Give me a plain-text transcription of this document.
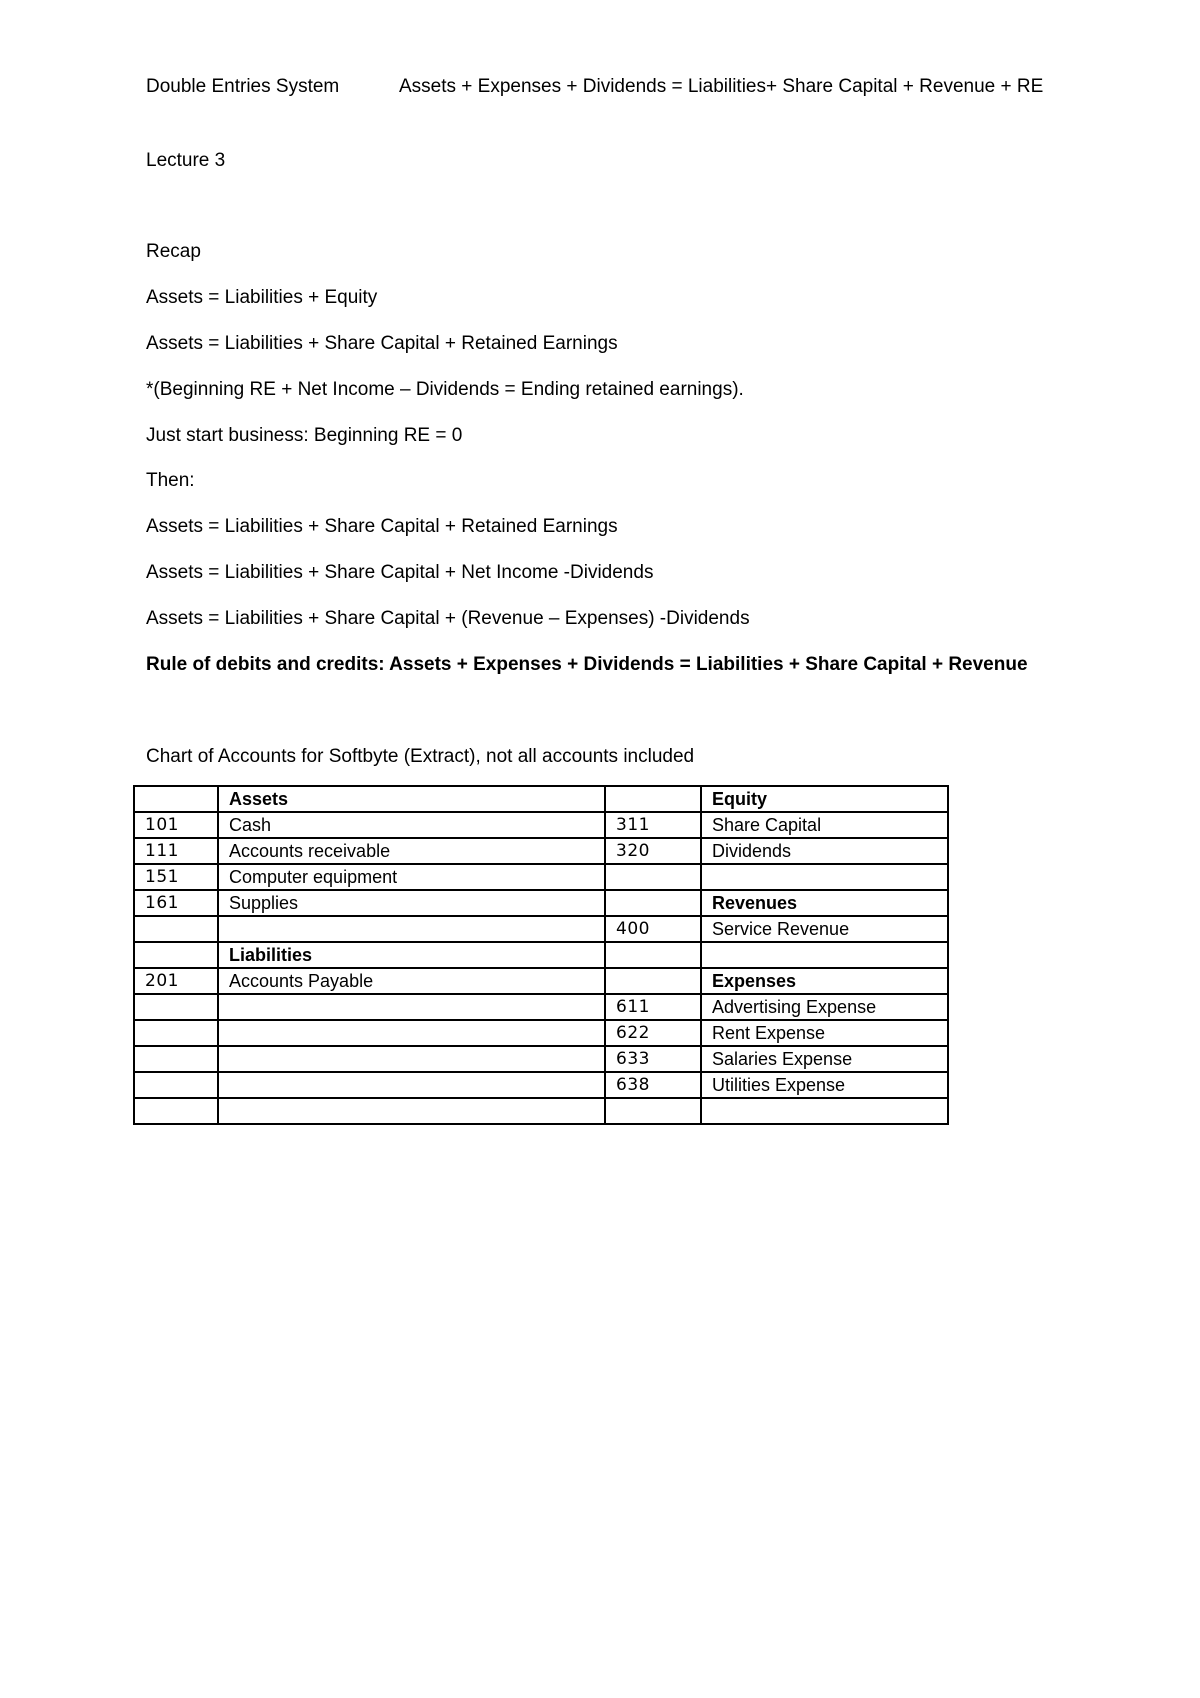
Double Entries System	Assets + Expenses + Dividends = Liabilities+ Share Capital + Revenue + RE
Lecture 3
Recap
Assets = Liabilities + Equity
Assets = Liabilities + Share Capital + Retained Earnings
*(Beginning RE + Net Income – Dividends = Ending retained earnings).
Just start business: Beginning RE = 0
Then:
Assets = Liabilities + Share Capital + Retained Earnings
Assets = Liabilities + Share Capital + Net Income -Dividends
Assets = Liabilities + Share Capital + (Revenue – Expenses) -Dividends
Rule of debits and credits: Assets + Expenses + Dividends = Liabilities + Share Capital + Revenue
Chart of Accounts for Softbyte (Extract), not all accounts included
	Assets		Equity
101	Cash	311	Share Capital
111	Accounts receivable	320	Dividends
151	Computer equipment		
161	Supplies		Revenues
		400	Service Revenue
	Liabilities		
201	Accounts Payable		Expenses
		611	Advertising Expense
		622	Rent Expense
		633	Salaries Expense
		638	Utilities Expense
